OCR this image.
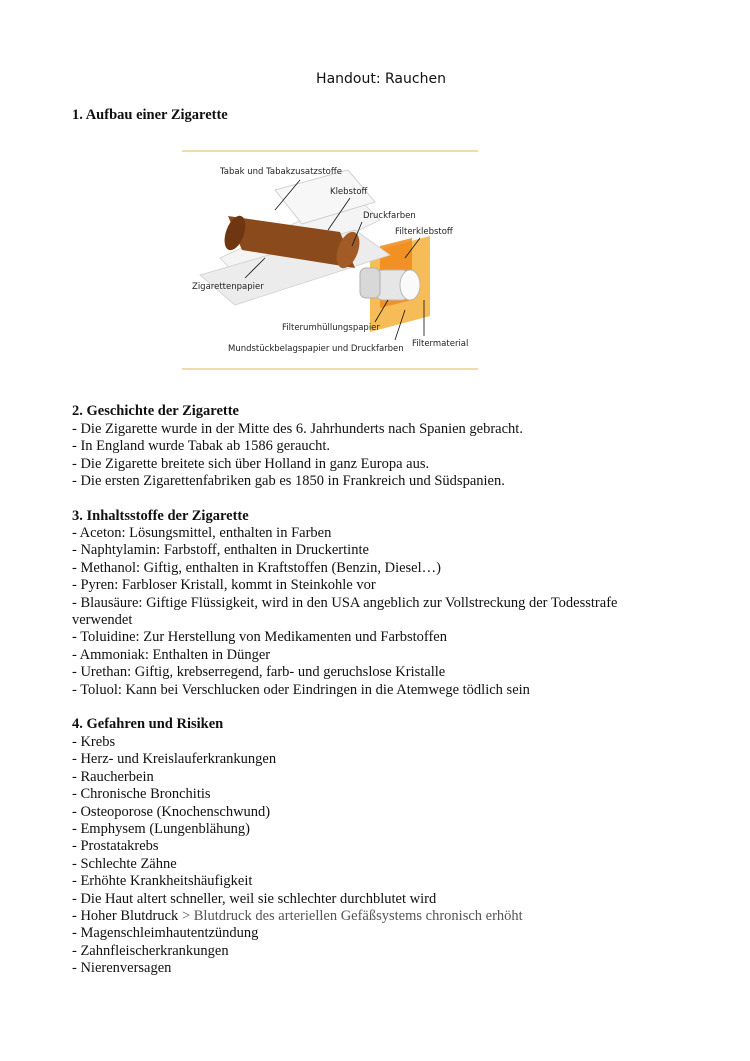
Handout: Rauchen
1. Aufbau einer Zigarette
Tabak und Tabakzusatzstoffe
Klebstoff
Druckfarben
Filterklebstoff
Zigarettenpapier
Filterumhüllungspapier
Mundstückbelagspapier und Druckfarben Filtermaterial
2. Geschichte der Zigarette
- Die Zigarette wurde in der Mitte des 6. Jahrhunderts nach Spanien gebracht.
- In England wurde Tabak ab 1586 geraucht.
- Die Zigarette breitete sich über Holland in ganz Europa aus.
- Die ersten Zigarettenfabriken gab es 1850 in Frankreich und Südspanien.
3. Inhaltsstoffe der Zigarette
- Aceton: Lösungsmittel, enthalten in Farben
- Naphtylamin: Farbstoff, enthalten in Druckertinte
- Methanol: Giftig, enthalten in Kraftstoffen (Benzin, Diesel…)
- Pyren: Farbloser Kristall, kommt in Steinkohle vor
- Blausäure: Giftige Flüssigkeit, wird in den USA angeblich zur Vollstreckung der Todesstrafe verwendet
- Toluidine: Zur Herstellung von Medikamenten und Farbstoffen
- Ammoniak: Enthalten in Dünger
- Urethan: Giftig, krebserregend, farb- und geruchslose Kristalle
- Toluol: Kann bei Verschlucken oder Eindringen in die Atemwege tödlich sein
4. Gefahren und Risiken
- Krebs
- Herz- und Kreislauferkrankungen
- Raucherbein
- Chronische Bronchitis
- Osteoporose (Knochenschwund)
- Emphysem (Lungenblähung)
- Prostatakrebs
- Schlechte Zähne
- Erhöhte Krankheitshäufigkeit
- Die Haut altert schneller, weil sie schlechter durchblutet wird
- Hoher Blutdruck > Blutdruck des arteriellen Gefäßsystems chronisch erhöht
- Magenschleimhautentzündung
- Zahnfleischerkrankungen
- Nierenversagen
